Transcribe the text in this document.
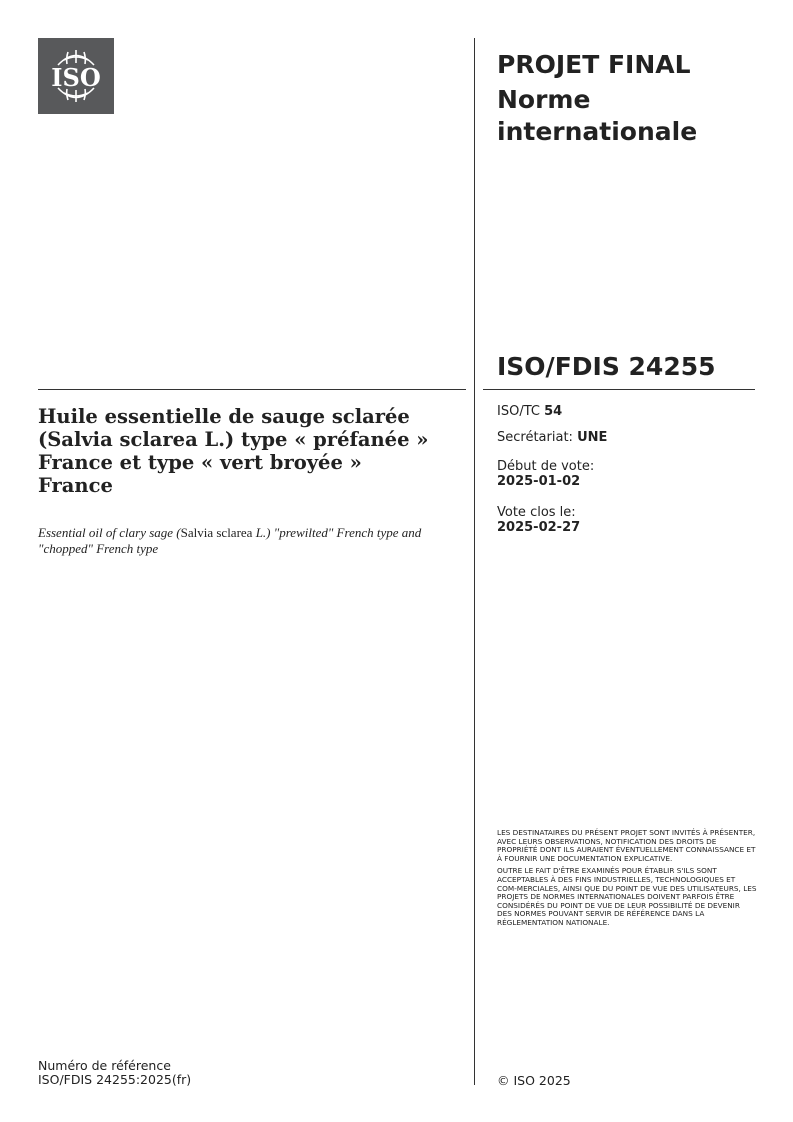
ISO	PROJET FINAL
Norme internationale
ISO/FDIS 24255
ISO/TC 54
Secrétariat: UNE
Début de vote:
2025-01-02
Vote clos le:
2025-02-27
Huile essentielle de sauge sclarée (Salvia sclarea L.) type « préfanée » France et type « vert broyée » France
Essential oil of clary sage (Salvia sclarea L.) "prewilted" French type and "chopped" French type

LES DESTINATAIRES DU PRÉSENT PROJET SONT INVITÉS À PRÉSENTER, AVEC LEURS OBSERVATIONS, NOTIFICATION DES DROITS DE PROPRIÉTÉ DONT ILS AURAIENT ÉVENTUELLEMENT CONNAISSANCE ET À FOURNIR UNE DOCUMENTATION EXPLICATIVE.

OUTRE LE FAIT D'ÊTRE EXAMINÉS POUR ÉTABLIR S'ILS SONT ACCEPTABLES À DES FINS INDUSTRIELLES, TECHNOLOGIQUES ET COM-MERCIALES, AINSI QUE DU POINT DE VUE DES UTILISATEURS, LES PROJETS DE NORMES INTERNATIONALES DOIVENT PARFOIS ÊTRE CONSIDÉRÉS DU POINT DE VUE DE LEUR POSSIBILITÉ DE DEVENIR DES NORMES POUVANT SERVIR DE RÉFÉRENCE DANS LA RÉGLEMENTATION NATIONALE.

Numéro de référence
ISO/FDIS 24255:2025(fr)	© ISO 2025
